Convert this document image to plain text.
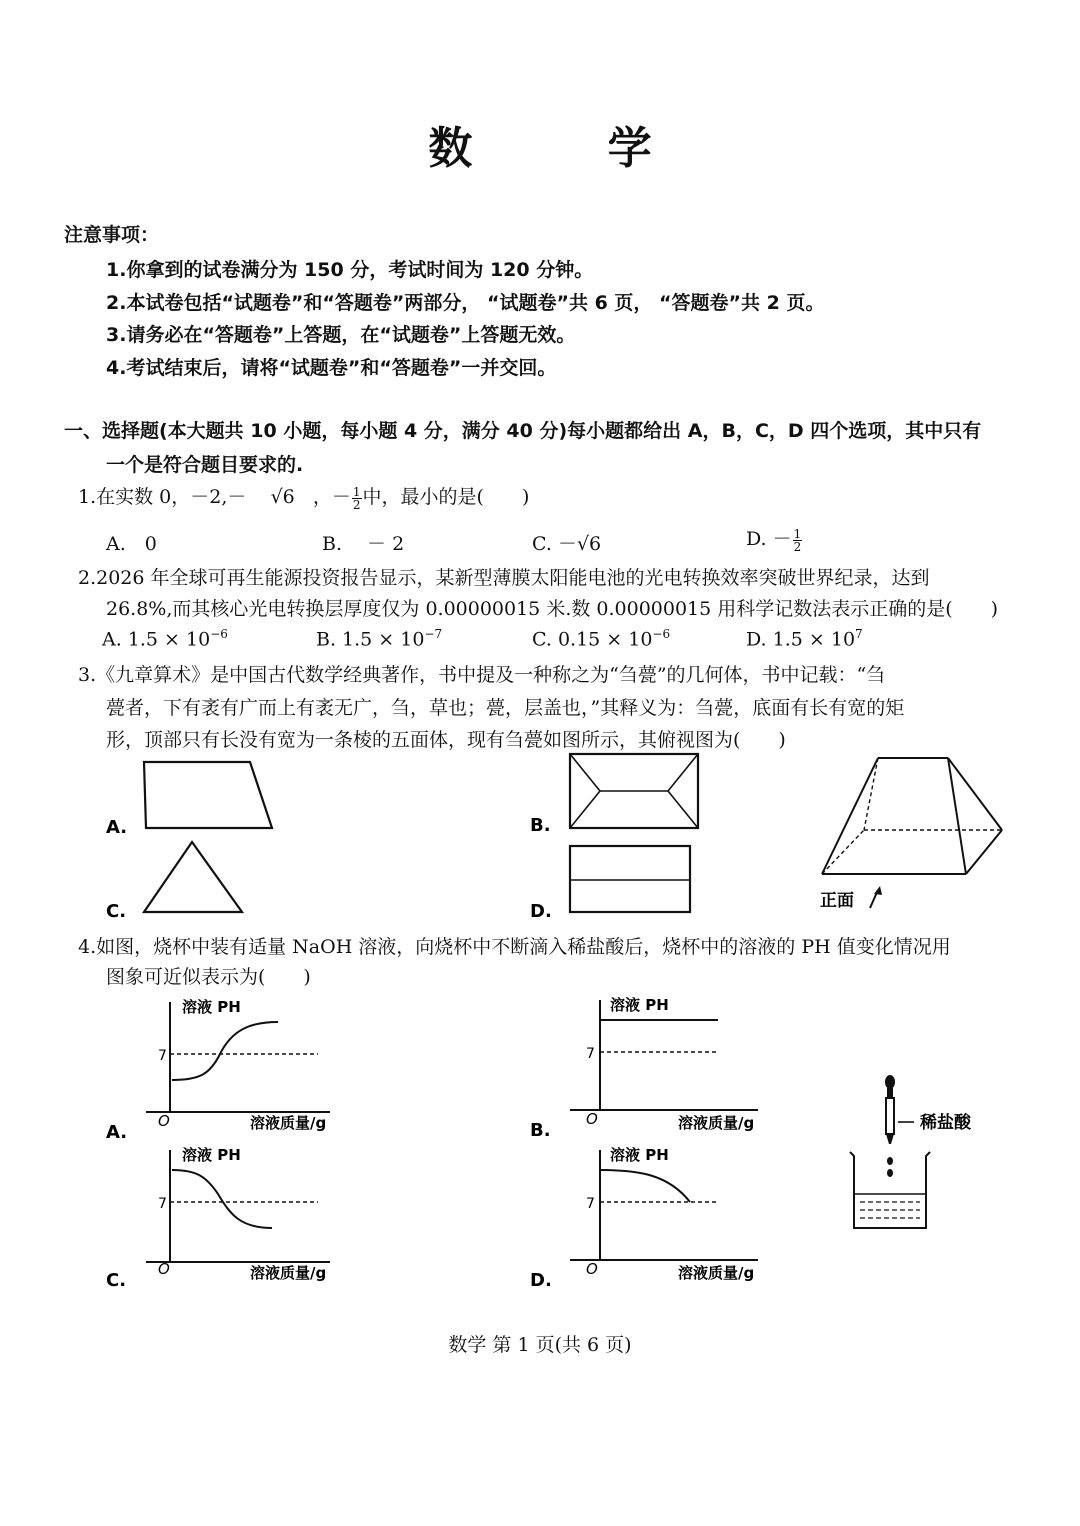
数 学
注意事项：
1.你拿到的试卷满分为 150 分，考试时间为 120 分钟。
2.本试卷包括“试题卷”和“答题卷”两部分， “试题卷”共 6 页， “答题卷”共 2 页。
3.请务必在“答题卷”上答题，在“试题卷”上答题无效。
4.考试结束后，请将“试题卷”和“答题卷”一并交回。
一、选择题(本大题共 10 小题，每小题 4 分，满分 40 分)每小题都给出 A，B，C，D 四个选项，其中只有
一个是符合题目要求的.
1.在实数 0，－2,－ √6 ，－ $\frac{1}{2}$ 中，最小的是(　　)
A.　0	B.　 － 2	C. －√6	D. － $\frac{1}{2}$
2.2026 年全球可再生能源投资报告显示，某新型薄膜太阳能电池的光电转换效率突破世界纪录，达到
26.8%,而其核心光电转换层厚度仅为 0.00000015 米.数 0.00000015 用科学记数法表示正确的是(　　)
A. $1.5 \times 10^{-6}$	B. $1.5 \times 10^{-7}$	C. $0.15 \times 10^{-6}$	D. $1.5 \times 10^7$
3.《九章算术》是中国古代数学经典著作，书中提及一种称之为“刍甍”的几何体，书中记载：“刍
甍者，下有袤有广而上有袤无广，刍，草也；甍，层盖也，”其释义为：刍甍，底面有长有宽的矩
形，顶部只有长没有宽为一条棱的五面体，现有刍甍如图所示，其俯视图为(　　)
A.
C.
B.
D.	正面
4.如图，烧杯中装有适量 NaOH 溶液，向烧杯中不断滴入稀盐酸后，烧杯中的溶液的 PH 值变化情况用
图象可近似表示为(　　)
溶液 PH
7
O	溶液质量/g
A.
溶液 PH
7
O	溶液质量/g
C.
溶液 PH
7
O	溶液质量/g
B.
溶液 PH
7
O	溶液质量/g
D.
稀盐酸
数学 第 1 页(共 6 页)
